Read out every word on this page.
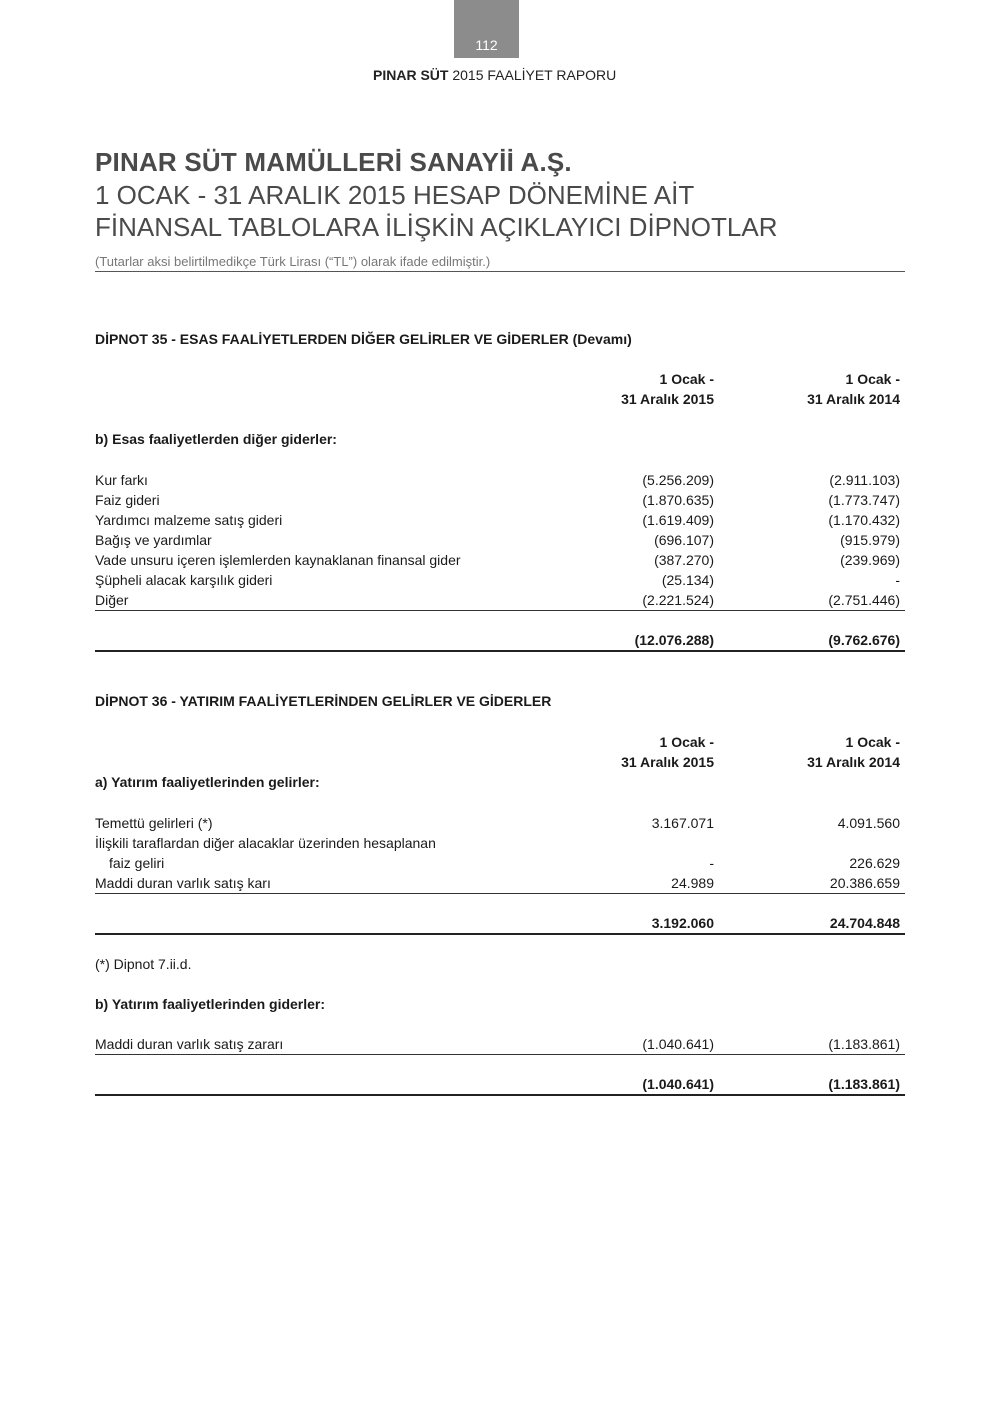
112
PINAR SÜT 2015 FAALİYET RAPORU
PINAR SÜT MAMÜLLERİ SANAYİİ A.Ş.
1 OCAK - 31 ARALIK 2015 HESAP DÖNEMİNE AİT
FİNANSAL TABLOLARA İLİŞKİN AÇIKLAYICI DİPNOTLAR
(Tutarlar aksi belirtilmedikçe Türk Lirası (“TL”) olarak ifade edilmiştir.)
DİPNOT 35 - ESAS FAALİYETLERDEN DİĞER GELİRLER VE GİDERLER (Devamı)
1 Ocak -
31 Aralık 2015
1 Ocak -
31 Aralık 2014
b) Esas faaliyetlerden diğer giderler:
Kur farkı	(5.256.209)	(2.911.103)
Faiz gideri	(1.870.635)	(1.773.747)
Yardımcı malzeme satış gideri	(1.619.409)	(1.170.432)
Bağış ve yardımlar	(696.107)	(915.979)
Vade unsuru içeren işlemlerden kaynaklanan finansal gider	(387.270)	(239.969)
Şüpheli alacak karşılık gideri	(25.134)	-
Diğer	(2.221.524)	(2.751.446)
(12.076.288)	(9.762.676)
DİPNOT 36 - YATIRIM FAALİYETLERİNDEN GELİRLER VE GİDERLER
1 Ocak -
31 Aralık 2015
1 Ocak -
31 Aralık 2014
a) Yatırım faaliyetlerinden gelirler:
Temettü gelirleri (*)	3.167.071	4.091.560
İlişkili taraflardan diğer alacaklar üzerinden hesaplanan
faiz geliri	-	226.629
Maddi duran varlık satış karı	24.989	20.386.659
3.192.060	24.704.848
(*) Dipnot 7.ii.d.
b) Yatırım faaliyetlerinden giderler:
Maddi duran varlık satış zararı	(1.040.641)	(1.183.861)
(1.040.641)	(1.183.861)
